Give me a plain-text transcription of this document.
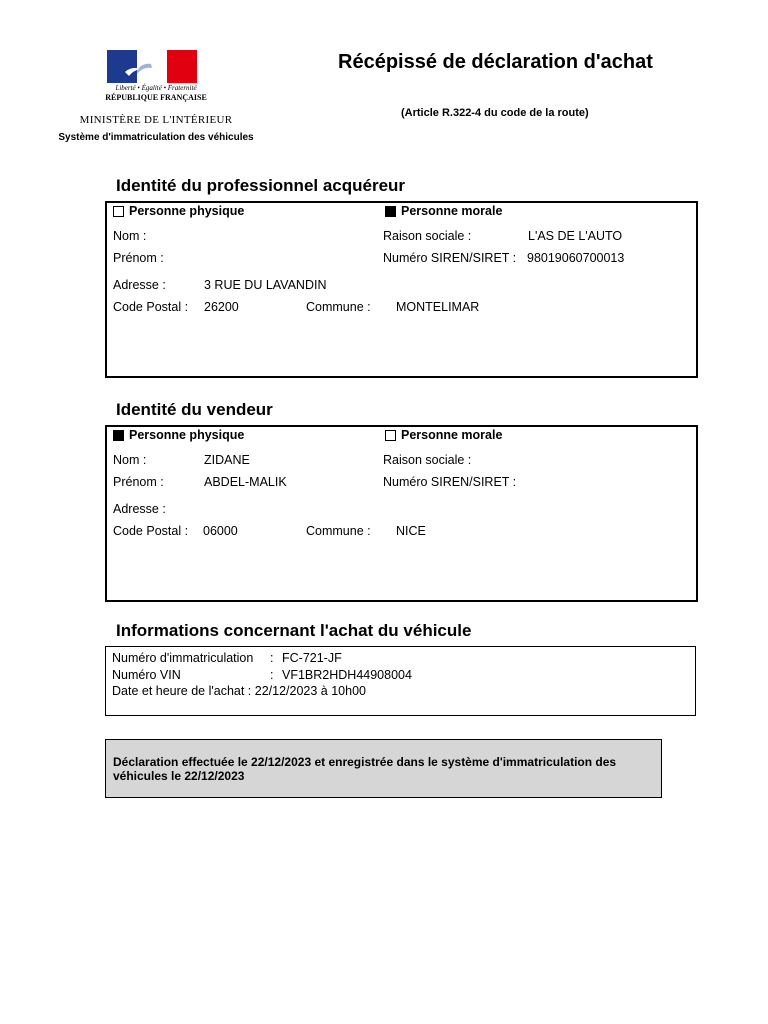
Liberté • Égalité • Fraternité
RÉPUBLIQUE FRANÇAISE
MINISTÈRE DE L'INTÉRIEUR
Système d'immatriculation des véhicules
Récépissé de déclaration d'achat
(Article R.322-4 du code de la route)
Identité du professionnel acquéreur
Personne physique	Personne morale
Nom :
Prénom :
Raison sociale :	L'AS DE L'AUTO
Numéro SIREN/SIRET : 98019060700013
Adresse :	3 RUE DU LAVANDIN
Code Postal : 26200	Commune : MONTELIMAR
Identité du vendeur
Personne physique	Personne morale
Nom :	ZIDANE
Prénom :	ABDEL-MALIK
Raison sociale :
Numéro SIREN/SIRET :
Adresse :
Code Postal : 06000	Commune : NICE
Informations concernant l'achat du véhicule
Numéro d'immatriculation : FC-721-JF
Numéro VIN	: VF1BR2HDH44908004
Date et heure de l'achat : 22/12/2023 à 10h00
Déclaration effectuée le 22/12/2023 et enregistrée dans le système d'immatriculation des véhicules le 22/12/2023
